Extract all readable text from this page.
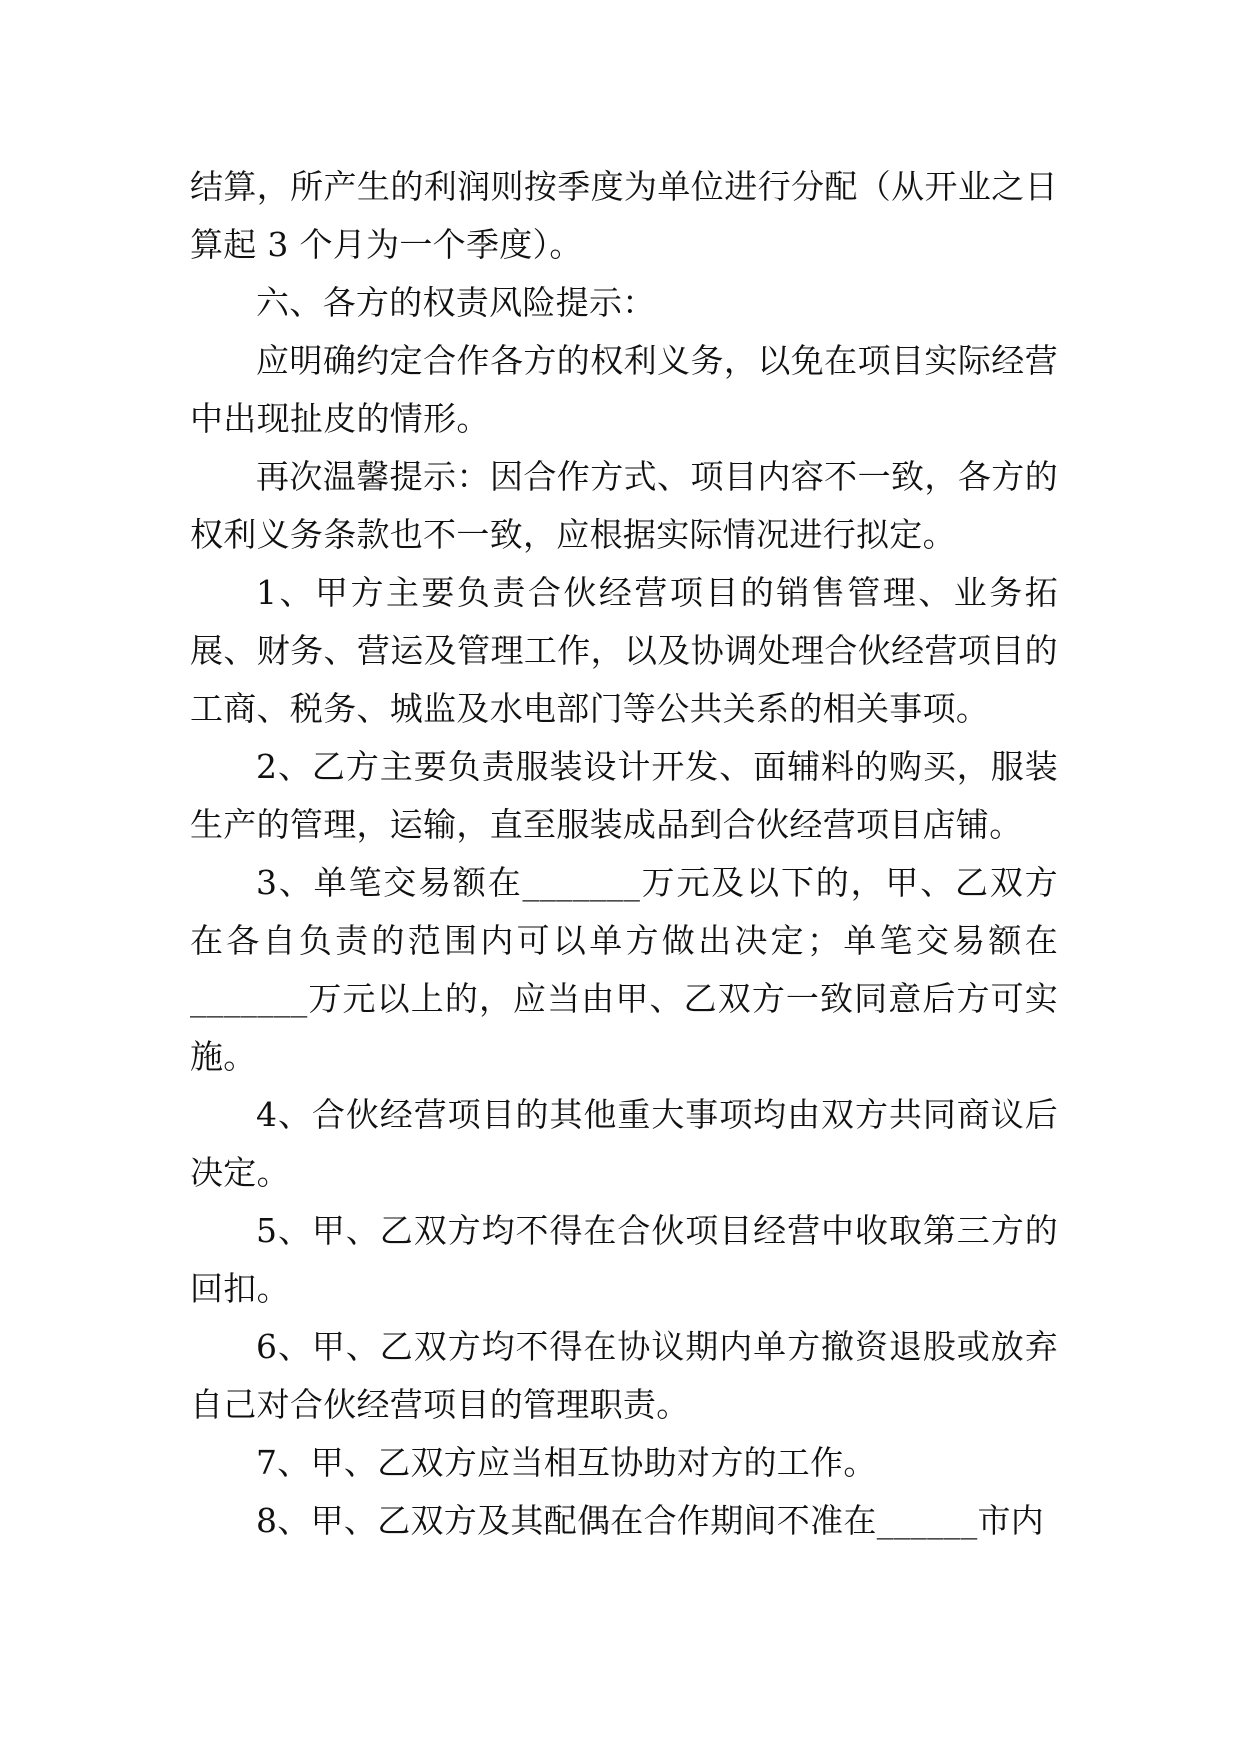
结算，所产生的利润则按季度为单位进行分配（从开业之日算起 3 个月为一个季度）。

六、各方的权责风险提示：

应明确约定合作各方的权利义务，以免在项目实际经营中出现扯皮的情形。

再次温馨提示：因合作方式、项目内容不一致，各方的权利义务条款也不一致，应根据实际情况进行拟定。

1、甲方主要负责合伙经营项目的销售管理、业务拓展、财务、营运及管理工作，以及协调处理合伙经营项目的工商、税务、城监及水电部门等公共关系的相关事项。

2、乙方主要负责服装设计开发、面辅料的购买，服装生产的管理，运输，直至服装成品到合伙经营项目店铺。

3、单笔交易额在_______万元及以下的，甲、乙双方在各自负责的范围内可以单方做出决定；单笔交易额在_______万元以上的，应当由甲、乙双方一致同意后方可实施。

4、合伙经营项目的其他重大事项均由双方共同商议后决定。

5、甲、乙双方均不得在合伙项目经营中收取第三方的回扣。

6、甲、乙双方均不得在协议期内单方撤资退股或放弃自己对合伙经营项目的管理职责。

7、甲、乙双方应当相互协助对方的工作。

8、甲、乙双方及其配偶在合作期间不准在______市内
